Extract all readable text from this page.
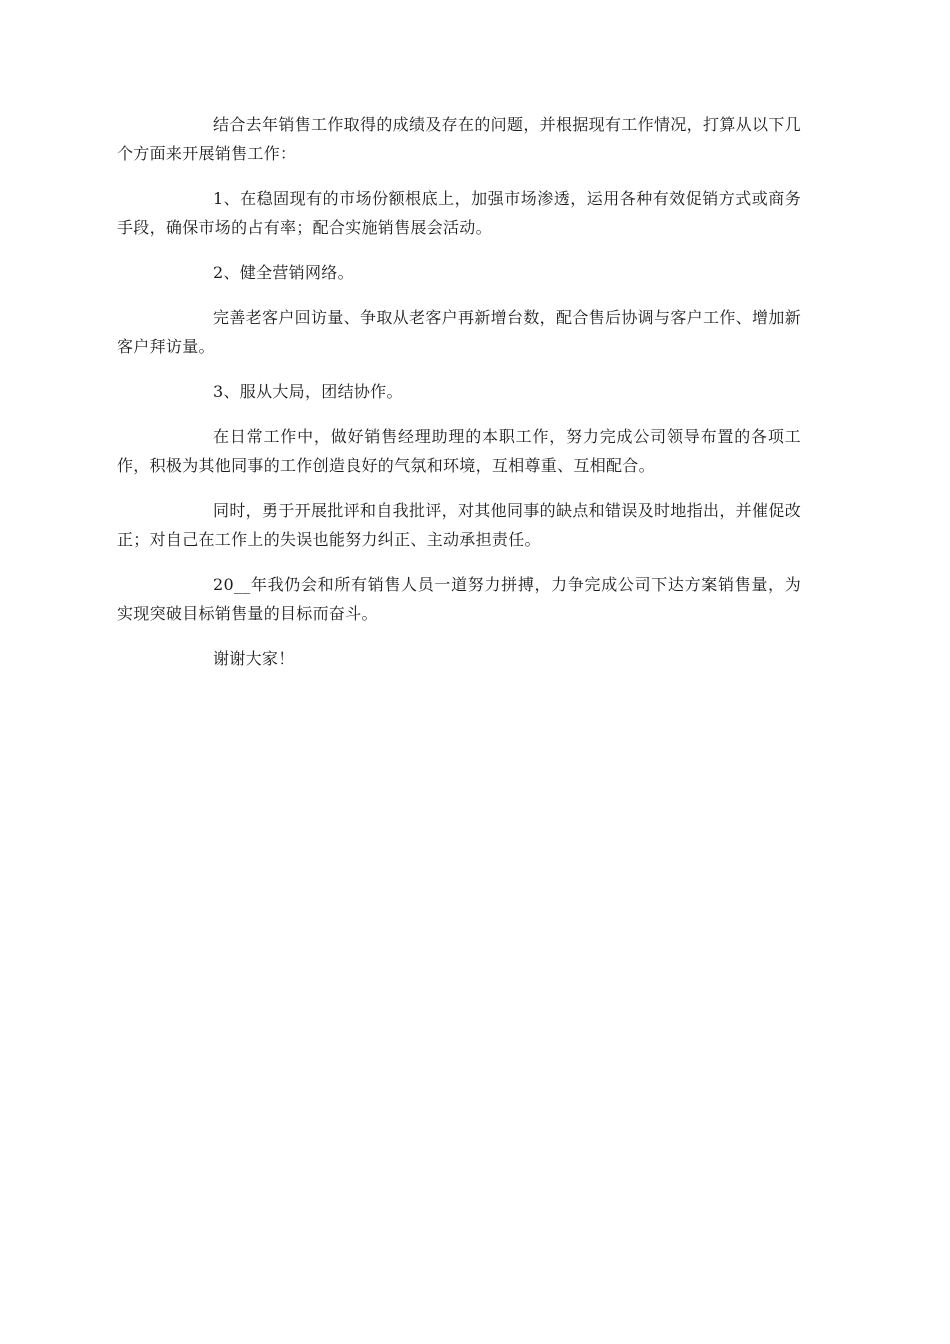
结合去年销售工作取得的成绩及存在的问题，并根据现有工作情况，打算从以下几个方面来开展销售工作：

1、在稳固现有的市场份额根底上，加强市场渗透，运用各种有效促销方式或商务手段，确保市场的占有率；配合实施销售展会活动。

2、健全营销网络。

完善老客户回访量、争取从老客户再新增台数，配合售后协调与客户工作、增加新客户拜访量。

3、服从大局，团结协作。

在日常工作中，做好销售经理助理的本职工作，努力完成公司领导布置的各项工作，积极为其他同事的工作创造良好的气氛和环境，互相尊重、互相配合。

同时，勇于开展批评和自我批评，对其他同事的缺点和错误及时地指出，并催促改正；对自己在工作上的失误也能努力纠正、主动承担责任。

20__年我仍会和所有销售人员一道努力拼搏，力争完成公司下达方案销售量，为实现突破目标销售量的目标而奋斗。

谢谢大家！
